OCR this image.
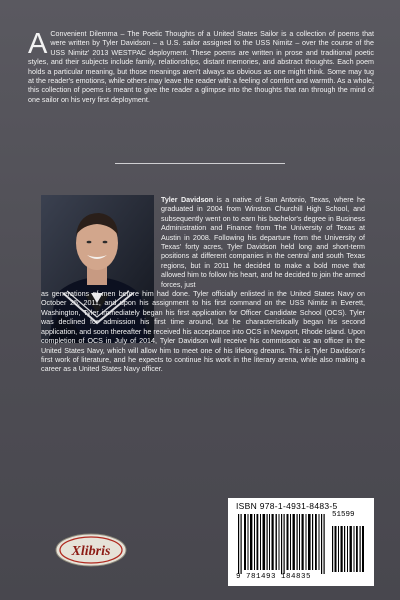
A Convenient Dilemma – The Poetic Thoughts of a United States Sailor is a collection of poems that were written by Tyler Davidson – a U.S. sailor assigned to the USS Nimitz – over the course of the USS Nimitz' 2013 WESTPAC deployment. These poems are written in prose and traditional poetic styles, and their subjects include family, relationships, distant memories, and abstract thoughts. Each poem holds a particular meaning, but those meanings aren't always as obvious as one might think. Some may tug at the reader's emotions, while others may leave the reader with a feeling of comfort and warmth. As a whole, this collection of poems is meant to give the reader a glimpse into the thoughts that ran through the mind of one sailor on his very first deployment.
Tyler Davidson is a native of San Antonio, Texas, where he graduated in 2004 from Winston Churchill High School, and subsequently went on to earn his bachelor's degree in Business Administration and Finance from The University of Texas at Austin in 2008. Following his departure from the University of Texas' forty acres, Tyler Davidson held long and short-term positions at different companies in the central and south Texas regions, but in 2011 he decided to make a bold move that allowed him to follow his heart, and he decided to join the armed forces, just
as generations of men before him had done. Tyler officially enlisted in the United States Navy on October 25, 2011, and upon his assignment to his first command on the USS Nimitz in Everett, Washington, Tyler immediately began his first application for Officer Candidate School (OCS). Tyler was declined for admission his first time around, but he characteristically began his second application, and soon thereafter he received his acceptance into OCS in Newport, Rhode Island. Upon completion of OCS in July of 2014, Tyler Davidson will receive his commission as an officer in the United States Navy, which will allow him to meet one of his lifelong dreams. This is Tyler Davidson's first work of literature, and he expects to continue his work in the literary arena, while also making a career as a United States Navy officer.
Xlibris
ISBN 978-1-4931-8483-5
51599
9 781493 184835
